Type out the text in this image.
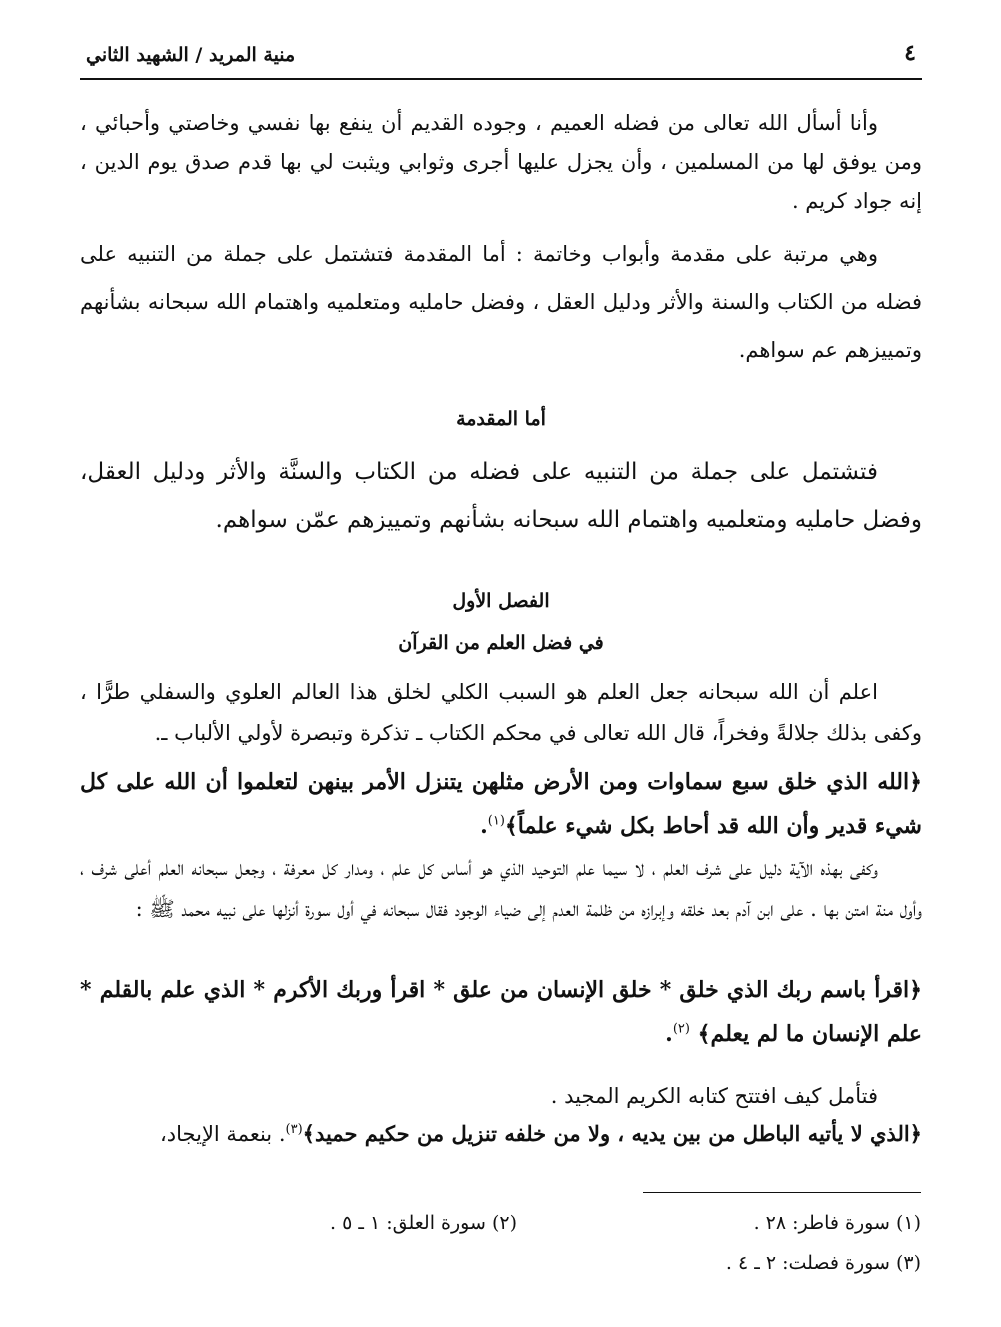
٤
منية المريد / الشهيد الثاني

وأنا أسأل الله تعالى من فضله العميم ، وجوده القديم أن ينفع بها نفسي وخاصتي وأحبائي ، ومن يوفق لها من المسلمين ، وأن يجزل عليها أجرى وثوابي ويثبت لي بها قدم صدق يوم الدين ، إنه جواد كريم .

وهي مرتبة على مقدمة وأبواب وخاتمة : أما المقدمة فتشتمل على جملة من التنبيه على فضله من الكتاب والسنة والأثر ودليل العقل ، وفضل حامليه ومتعلميه واهتمام الله سبحانه بشأنهم وتمييزهم عم سواهم.

أما المقدمة

فتشتمل على جملة من التنبيه على فضله من الكتاب والسنَّة والأثر ودليل العقل، وفضل حامليه ومتعلميه واهتمام الله سبحانه بشأنهم وتمييزهم عمّن سواهم.

الفصل الأول
في فضل العلم من القرآن

اعلم أن الله سبحانه جعل العلم هو السبب الكلي لخلق هذا العالم العلوي والسفلي طرًّا ، وكفى بذلك جلالةً وفخراً، قال الله تعالى في محكم الكتاب ـ تذكرة وتبصرة لأولي الألباب ـ.

﴿الله الذي خلق سبع سماوات ومن الأرض مثلهن يتنزل الأمر بينهن لتعلموا أن الله على كل شيء قدير وأن الله قد أحاط بكل شيء علماً﴾$^{(١)}$.

وكفى بهذه الآية دليل على شرف العلم ، لا سيما علم التوحيد الذي هو أساس كل علم ، ومدار كل معرفة ، وجعل سبحانه العلم أعلى شرف ، وأول منة امتن بها . على ابن آدم بعد خلقه وإبرازه من ظلمة العدم إلى ضياء الوجود فقال سبحانه في أول سورة أنزلها على نبيه محمد ﷺ :

﴿اقرأ باسم ربك الذي خلق * خلق الإنسان من علق * اقرأ وربك الأكرم * الذي علم بالقلم * علم الإنسان ما لم يعلم﴾ $^{(٢)}$.

فتأمل كيف افتتح كتابه الكريم المجيد .

﴿الذي لا يأتيه الباطل من بين يديه ، ولا من خلفه تنزيل من حكيم حميد﴾$^{(٣)}$. بنعمة الإيجاد،

(١) سورة فاطر: ٢٨ .
(٢) سورة العلق: ١ ـ ٥ .
(٣) سورة فصلت: ٢ ـ ٤ .
